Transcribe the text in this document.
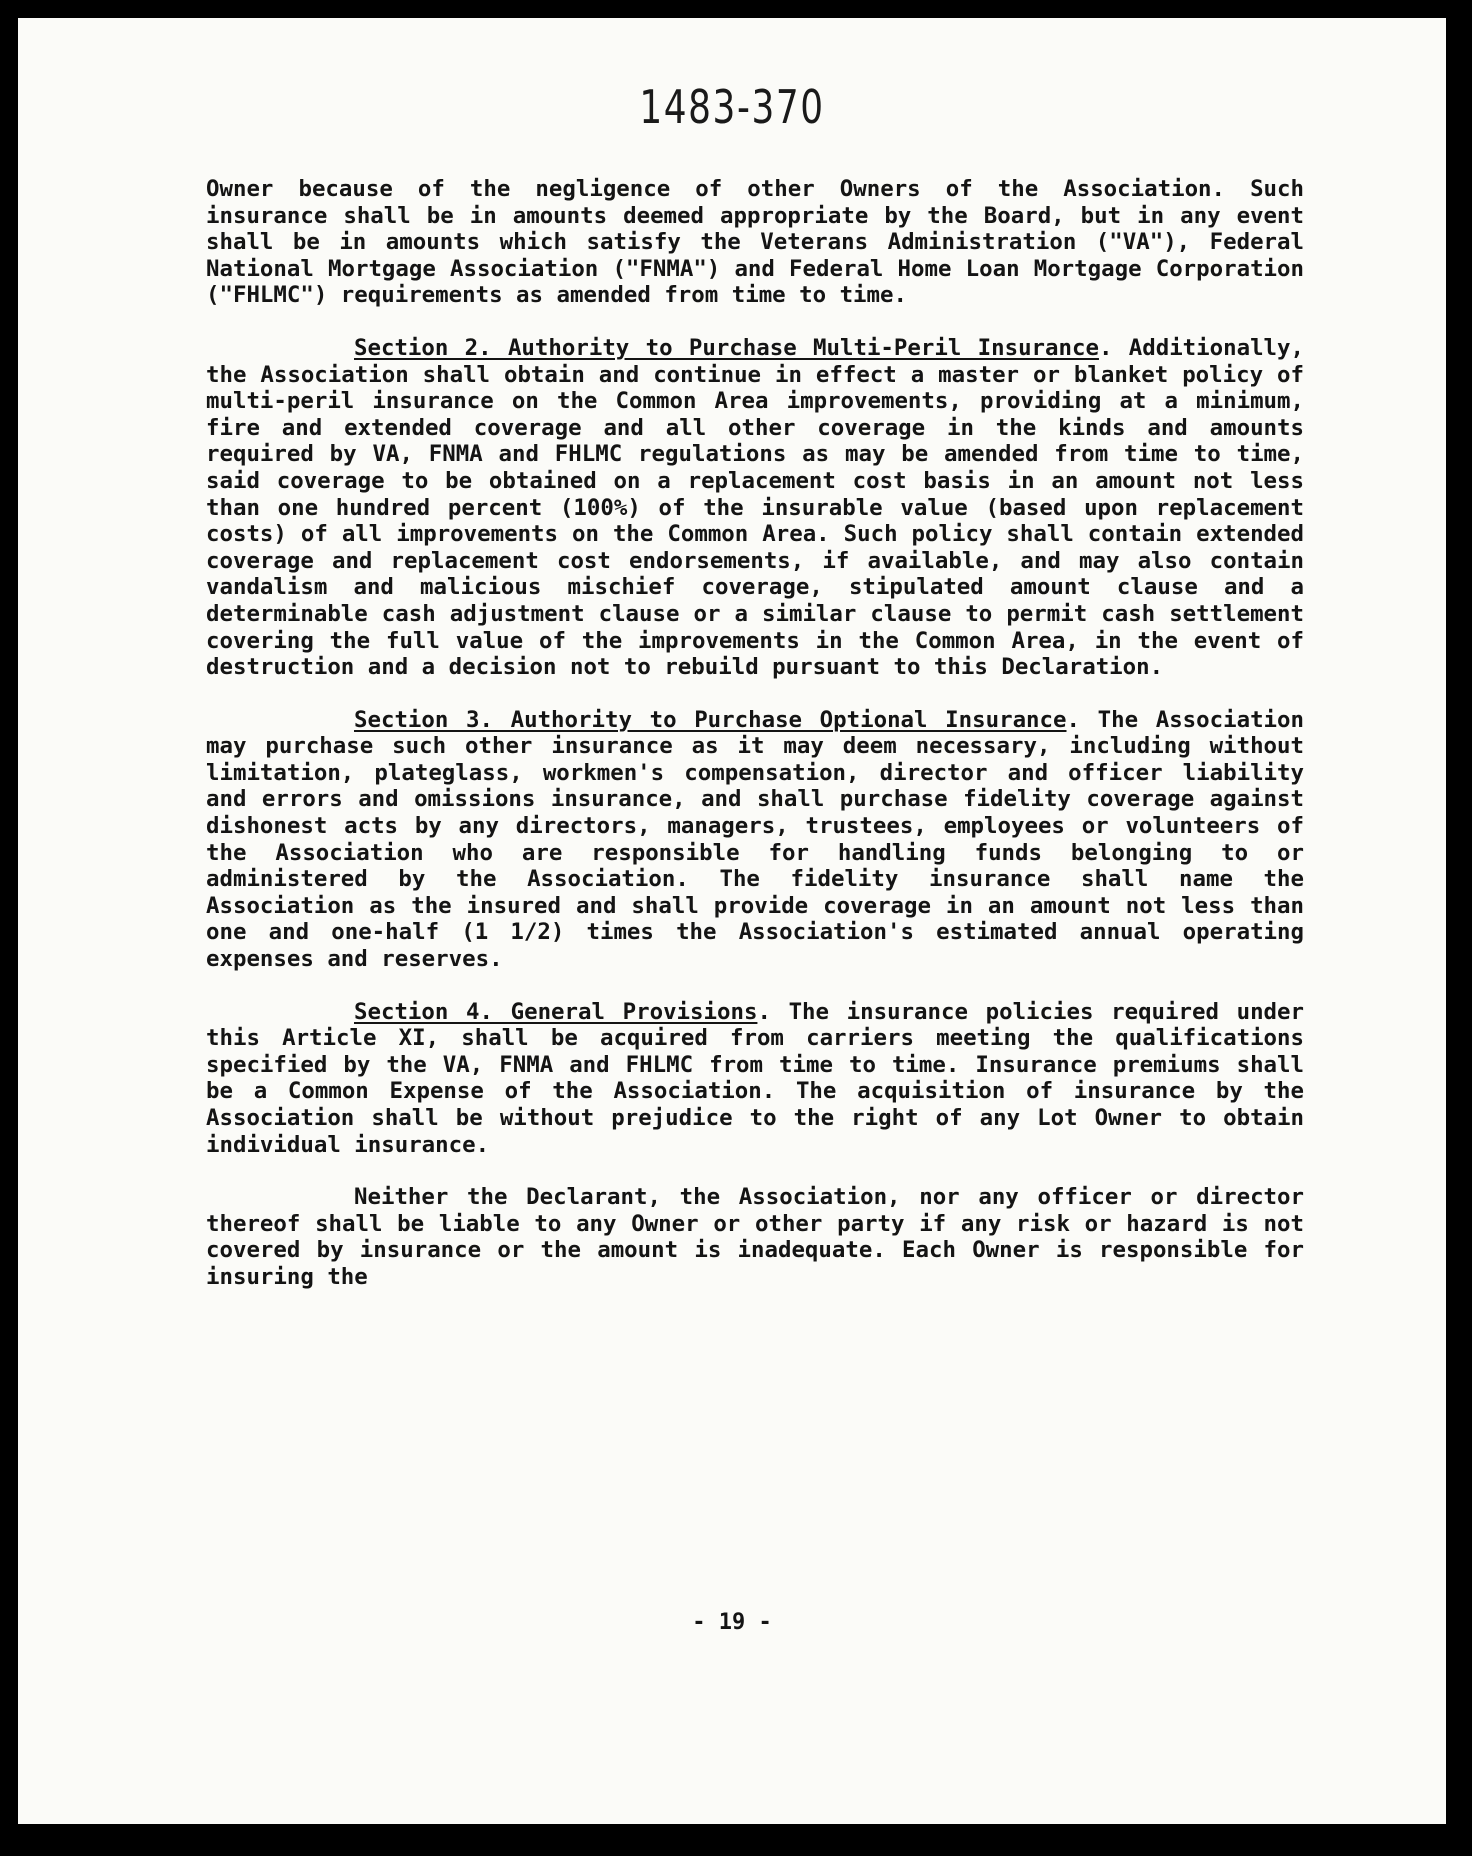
1483-370

Owner because of the negligence of other Owners of the Association. Such insurance shall be in amounts deemed appropriate by the Board, but in any event shall be in amounts which satisfy the Veterans Administration ("VA"), Federal National Mortgage Association ("FNMA") and Federal Home Loan Mortgage Corporation ("FHLMC") requirements as amended from time to time.

Section 2. Authority to Purchase Multi-Peril Insurance. Additionally, the Association shall obtain and continue in effect a master or blanket policy of multi-peril insurance on the Common Area improvements, providing at a minimum, fire and extended coverage and all other coverage in the kinds and amounts required by VA, FNMA and FHLMC regulations as may be amended from time to time, said coverage to be obtained on a replacement cost basis in an amount not less than one hundred percent (100%) of the insurable value (based upon replacement costs) of all improvements on the Common Area. Such policy shall contain extended coverage and replacement cost endorsements, if available, and may also contain vandalism and malicious mischief coverage, stipulated amount clause and a determinable cash adjustment clause or a similar clause to permit cash settlement covering the full value of the improvements in the Common Area, in the event of destruction and a decision not to rebuild pursuant to this Declaration.

Section 3. Authority to Purchase Optional Insurance. The Association may purchase such other insurance as it may deem necessary, including without limitation, plateglass, workmen's compensation, director and officer liability and errors and omissions insurance, and shall purchase fidelity coverage against dishonest acts by any directors, managers, trustees, employees or volunteers of the Association who are responsible for handling funds belonging to or administered by the Association. The fidelity insurance shall name the Association as the insured and shall provide coverage in an amount not less than one and one-half (1 1/2) times the Association's estimated annual operating expenses and reserves.

Section 4. General Provisions. The insurance policies required under this Article XI, shall be acquired from carriers meeting the qualifications specified by the VA, FNMA and FHLMC from time to time. Insurance premiums shall be a Common Expense of the Association. The acquisition of insurance by the Association shall be without prejudice to the right of any Lot Owner to obtain individual insurance.

Neither the Declarant, the Association, nor any officer or director thereof shall be liable to any Owner or other party if any risk or hazard is not covered by insurance or the amount is inadequate. Each Owner is responsible for insuring the

- 19 -
